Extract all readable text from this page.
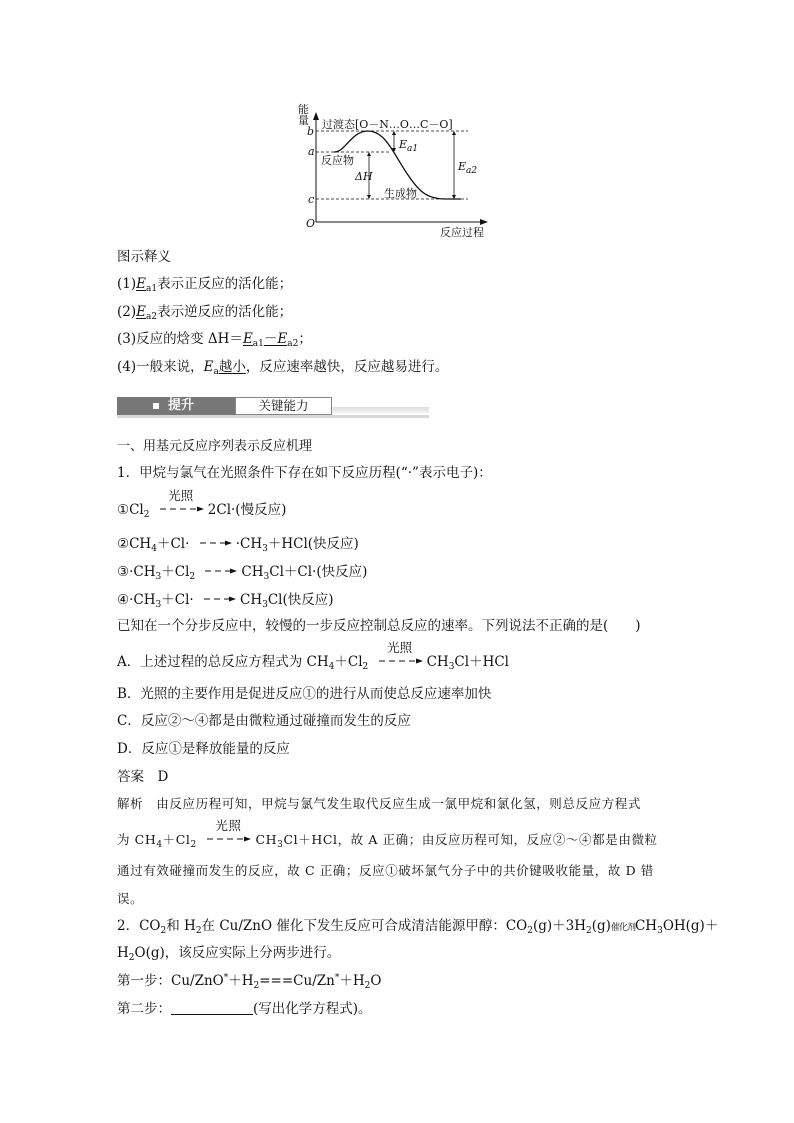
能量
b
a
c
O
过渡态[O－N…O…C－O]
反应物
生成物
ΔH
$E_{a1}$
$E_{a2}$
反应过程
图示释义
$(1)E_{a1}$表示正反应的活化能；
$(2)E_{a2}$表示逆反应的活化能；
(3)反应的焓变 $\Delta H=E_{a1}-E_{a2}$；
(4)一般来说，$E_a$越小，反应速率越快，反应越易进行。
提升	关键能力
一、用基元反应序列表示反应机理
1．甲烷与氯气在光照条件下存在如下反应历程(“·”表示电子)：
$①Cl_2$
光照
2Cl·(慢反应)
$②CH_4+Cl\cdot$	$\cdot CH_3+HCl$(快反应)
$③\cdot CH_3+Cl_2$	$CH_3Cl+Cl\cdot$(快反应)
$④\cdot CH_3+Cl\cdot$	$CH_3Cl$(快反应)
已知在一个分步反应中，较慢的一步反应控制总反应的速率。下列说法不正确的是(　　)
A．上述过程的总反应方程式为 $CH_4+Cl_2$
光照
$CH_3Cl+HCl$
B．光照的主要作用是促进反应①的进行从而使总反应速率加快
C．反应②～④都是由微粒通过碰撞而发生的反应
D．反应①是释放能量的反应
答案　D
解析　由反应历程可知，甲烷与氯气发生取代反应生成一氯甲烷和氯化氢，则总反应方程式
为 $CH_4+Cl_2$
光照
$CH_3Cl+HCl$，故 A 正确；由反应历程可知，反应②～④都是由微粒
通过有效碰撞而发生的反应，故 C 正确；反应①破坏氯气分子中的共价键吸收能量，故 D 错
误。
2．$CO_2$和 $H_2$在 Cu/ZnO 催化下发生反应可合成清洁能源甲醇：$CO_2(g)+3H_2(g)$催化剂$CH_3OH(g)+$
$H_2O(g)$，该反应实际上分两步进行。
第一步：$Cu/ZnO^*+H_2===Cu/Zn^*+H_2O$
第二步：	(写出化学方程式)。
